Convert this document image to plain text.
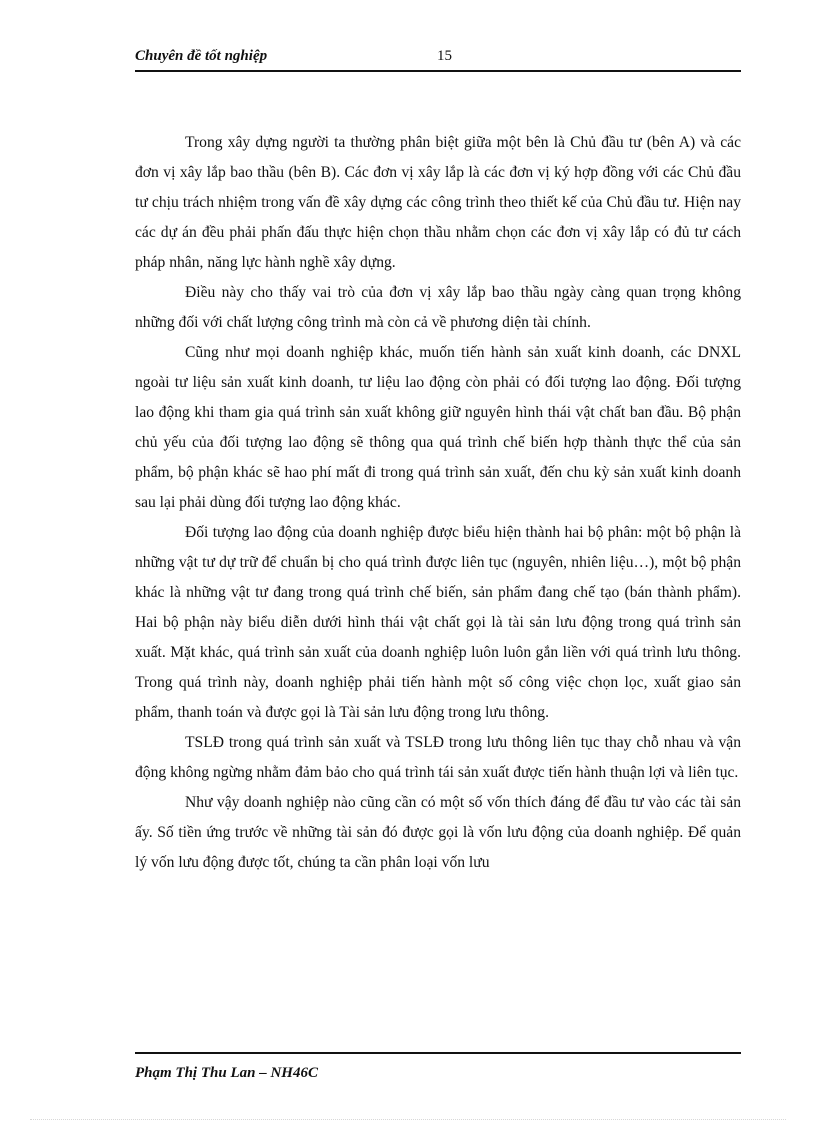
Chuyên đề tốt nghiệp	15

Trong xây dựng người ta thường phân biệt giữa một bên là Chủ đầu tư (bên A) và các đơn vị xây lắp bao thầu (bên B). Các đơn vị xây lắp là các đơn vị ký hợp đồng với các Chủ đầu tư chịu trách nhiệm trong vấn đề xây dựng các công trình theo thiết kế của Chủ đầu tư. Hiện nay các dự án đều phải phấn đấu thực hiện chọn thầu nhằm chọn các đơn vị xây lắp có đủ tư cách pháp nhân, năng lực hành nghề xây dựng.

Điều này cho thấy vai trò của đơn vị xây lắp bao thầu ngày càng quan trọng không những đối với chất lượng công trình mà còn cả về phương diện tài chính.

Cũng như mọi doanh nghiệp khác, muốn tiến hành sản xuất kinh doanh, các DNXL ngoài tư liệu sản xuất kinh doanh, tư liệu lao động còn phải có đối tượng lao động. Đối tượng lao động khi tham gia quá trình sản xuất không giữ nguyên hình thái vật chất ban đầu. Bộ phận chủ yếu của đối tượng lao động sẽ thông qua quá trình chế biến hợp thành thực thể của sản phẩm, bộ phận khác sẽ hao phí mất đi trong quá trình sản xuất, đến chu kỳ sản xuất kinh doanh sau lại phải dùng đối tượng lao động khác.

Đối tượng lao động của doanh nghiệp được biểu hiện thành hai bộ phân: một bộ phận là những vật tư dự trữ để chuẩn bị cho quá trình được liên tục (nguyên, nhiên liệu…), một bộ phận khác là những vật tư đang trong quá trình chế biến, sản phẩm đang chế tạo (bán thành phẩm). Hai bộ phận này biểu diễn dưới hình thái vật chất gọi là tài sản lưu động trong quá trình sản xuất. Mặt khác, quá trình sản xuất của doanh nghiệp luôn luôn gắn liền với quá trình lưu thông. Trong quá trình này, doanh nghiệp phải tiến hành một số công việc chọn lọc, xuất giao sản phẩm, thanh toán và được gọi là Tài sản lưu động trong lưu thông.

TSLĐ trong quá trình sản xuất và TSLĐ trong lưu thông liên tục thay chỗ nhau và vận động không ngừng nhằm đảm bảo cho quá trình tái sản xuất được tiến hành thuận lợi và liên tục.

Như vậy doanh nghiệp nào cũng cần có một số vốn thích đáng để đầu tư vào các tài sản ấy. Số tiền ứng trước về những tài sản đó được gọi là vốn lưu động của doanh nghiệp. Để quản lý vốn lưu động được tốt, chúng ta cần phân loại vốn lưu

Phạm Thị Thu Lan – NH46C
